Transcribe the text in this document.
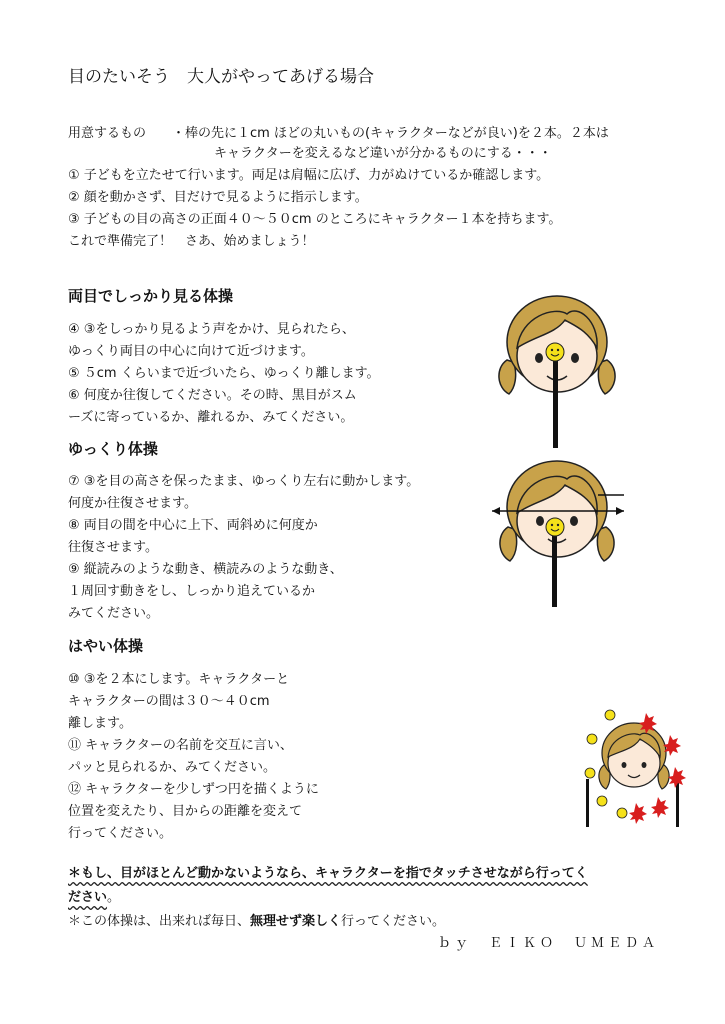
目のたいそう　大人がやってあげる場合
用意するもの ・棒の先に１cm ほどの丸いもの(キャラクターなどが良い)を２本。２本は
キャラクターを変えるなど違いが分かるものにする・・・
① 子どもを立たせて行います。両足は肩幅に広げ、力がぬけているか確認します。
② 顔を動かさず、目だけで見るように指示します。
③ 子どもの目の高さの正面４０～５０cm のところにキャラクター１本を持ちます。
これで準備完了！　さあ、始めましょう！
両目でしっかり見る体操
④ ③をしっかり見るよう声をかけ、見られたら、
ゆっくり両目の中心に向けて近づけます。
⑤ ５cm くらいまで近づいたら、ゆっくり離します。
⑥ 何度か往復してください。その時、黒目がスム
ーズに寄っているか、離れるか、みてください。
ゆっくり体操
⑦ ③を目の高さを保ったまま、ゆっくり左右に動かします。
何度か往復させます。
⑧ 両目の間を中心に上下、両斜めに何度か
往復させます。
⑨ 縦読みのような動き、横読みのような動き、
１周回す動きをし、しっかり追えているか
みてください。
はやい体操
⑩ ③を２本にします。キャラクターと
キャラクターの間は３０～４０cm
離します。
⑪ キャラクターの名前を交互に言い、
パッと見られるか、みてください。
⑫ キャラクターを少しずつ円を描くように
位置を変えたり、目からの距離を変えて
行ってください。
＊もし、目がほとんど動かないようなら、キャラクターを指でタッチさせながら行ってく
ださい。
＊この体操は、出来れば毎日、無理せず楽しく行ってください。
ｂｙ　ＥＩＫＯ　ＵＭＥＤＡ
